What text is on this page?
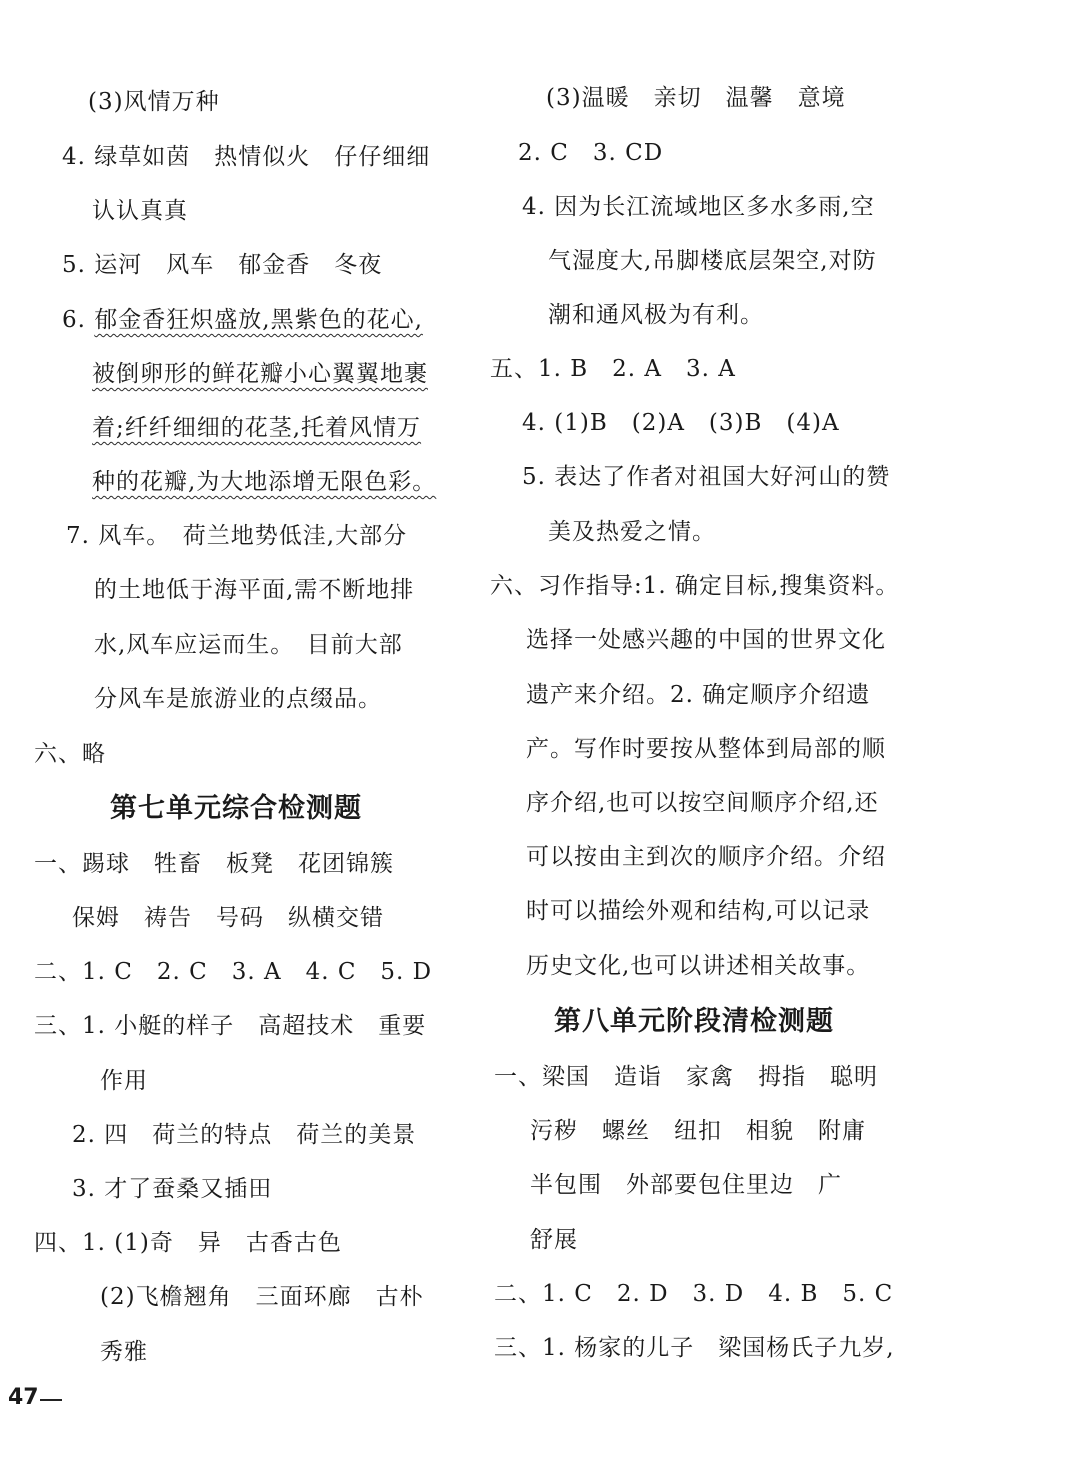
(3)风情万种
4. 绿草如茵　热情似火　仔仔细细
认认真真
5. 运河　风车　郁金香　冬夜
6. 郁金香狂炽盛放,黑紫色的花心,
被倒卵形的鲜花瓣小心翼翼地裹
着;纤纤细细的花茎,托着风情万
种的花瓣,为大地添增无限色彩。
7. 风车。　荷兰地势低洼,大部分
的土地低于海平面,需不断地排
水,风车应运而生。　目前大部
分风车是旅游业的点缀品。
六、略
第七单元综合检测题
一、踢球　牲畜　板凳　花团锦簇
保姆　祷告　号码　纵横交错
二、1. C　2. C　3. A　4. C　5. D
三、1. 小艇的样子　高超技术　重要
作用
2. 四　荷兰的特点　荷兰的美景
3. 才了蚕桑又插田
四、1. (1)奇　异　古香古色
(2)飞檐翘角　三面环廊　古朴
秀雅
(3)温暖　亲切　温馨　意境
2. C　3. CD
4. 因为长江流域地区多水多雨,空
气湿度大,吊脚楼底层架空,对防
潮和通风极为有利。
五、1. B　2. A　3. A
4. (1)B　(2)A　(3)B　(4)A
5. 表达了作者对祖国大好河山的赞
美及热爱之情。
六、习作指导:1. 确定目标,搜集资料。
选择一处感兴趣的中国的世界文化
遗产来介绍。2. 确定顺序介绍遗
产。写作时要按从整体到局部的顺
序介绍,也可以按空间顺序介绍,还
可以按由主到次的顺序介绍。介绍
时可以描绘外观和结构,可以记录
历史文化,也可以讲述相关故事。
第八单元阶段清检测题
一、梁国　造诣　家禽　拇指　聪明
污秽　螺丝　纽扣　相貌　附庸
半包围　外部要包住里边　广
舒展
二、1. C　2. D　3. D　4. B　5. C
三、1. 杨家的儿子　梁国杨氏子九岁,
47
